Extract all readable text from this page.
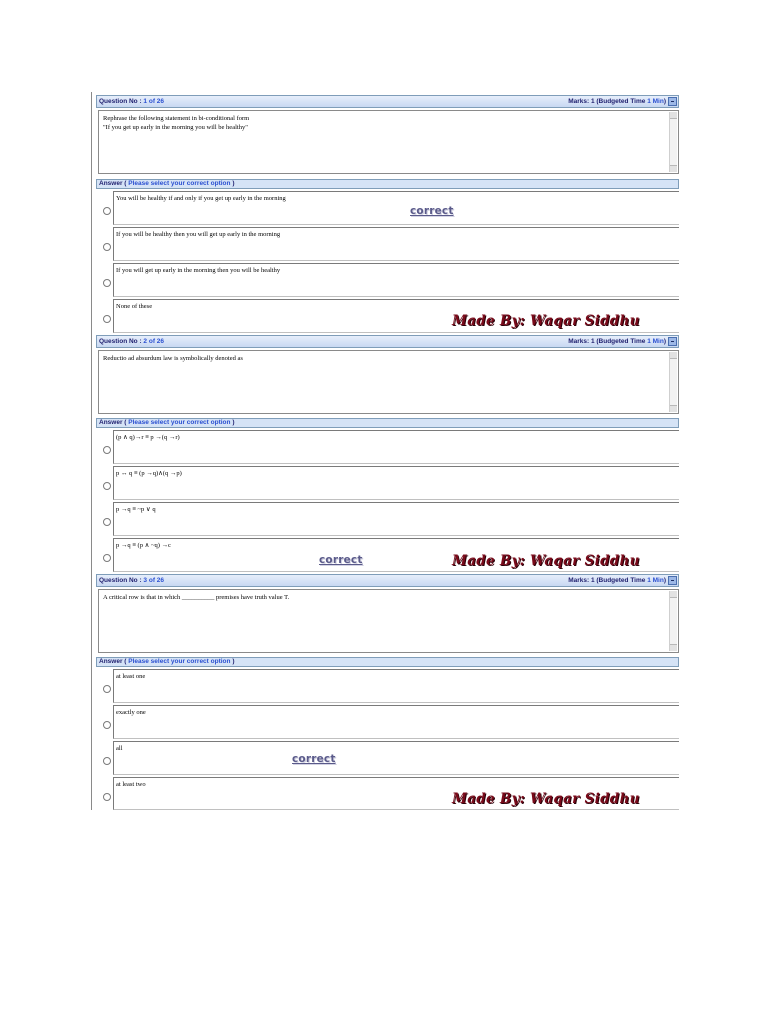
Question No : 1 of 26	Marks: 1 (Budgeted Time 1 Min)
Rephrase the following statement in bi-conditional form
"If you get up early in the morning you will be healthy"
Answer ( Please select your correct option )
You will be healthy if and only if you get up early in the morning
If you will be healthy then you will get up early in the morning
If you will get up early in the morning then you will be healthy
None of these
correct
Made By: Waqar Siddhu
Question No : 2 of 26	Marks: 1 (Budgeted Time 1 Min)
Reductio ad absurdum law is symbolically denoted as
Answer ( Please select your correct option )
(p ∧ q)→r ≡ p →(q →r)
p ↔ q ≡ (p →q)∧(q →p)
p →q ≡ ~p ∨ q
p →q ≡ (p ∧ ~q) →c
correct	Made By: Waqar Siddhu
Question No : 3 of 26	Marks: 1 (Budgeted Time 1 Min)
A critical row is that in which __________ premises have truth value T.
Answer ( Please select your correct option )
at least one
exactly one
all
at least two
correct
Made By: Waqar Siddhu
